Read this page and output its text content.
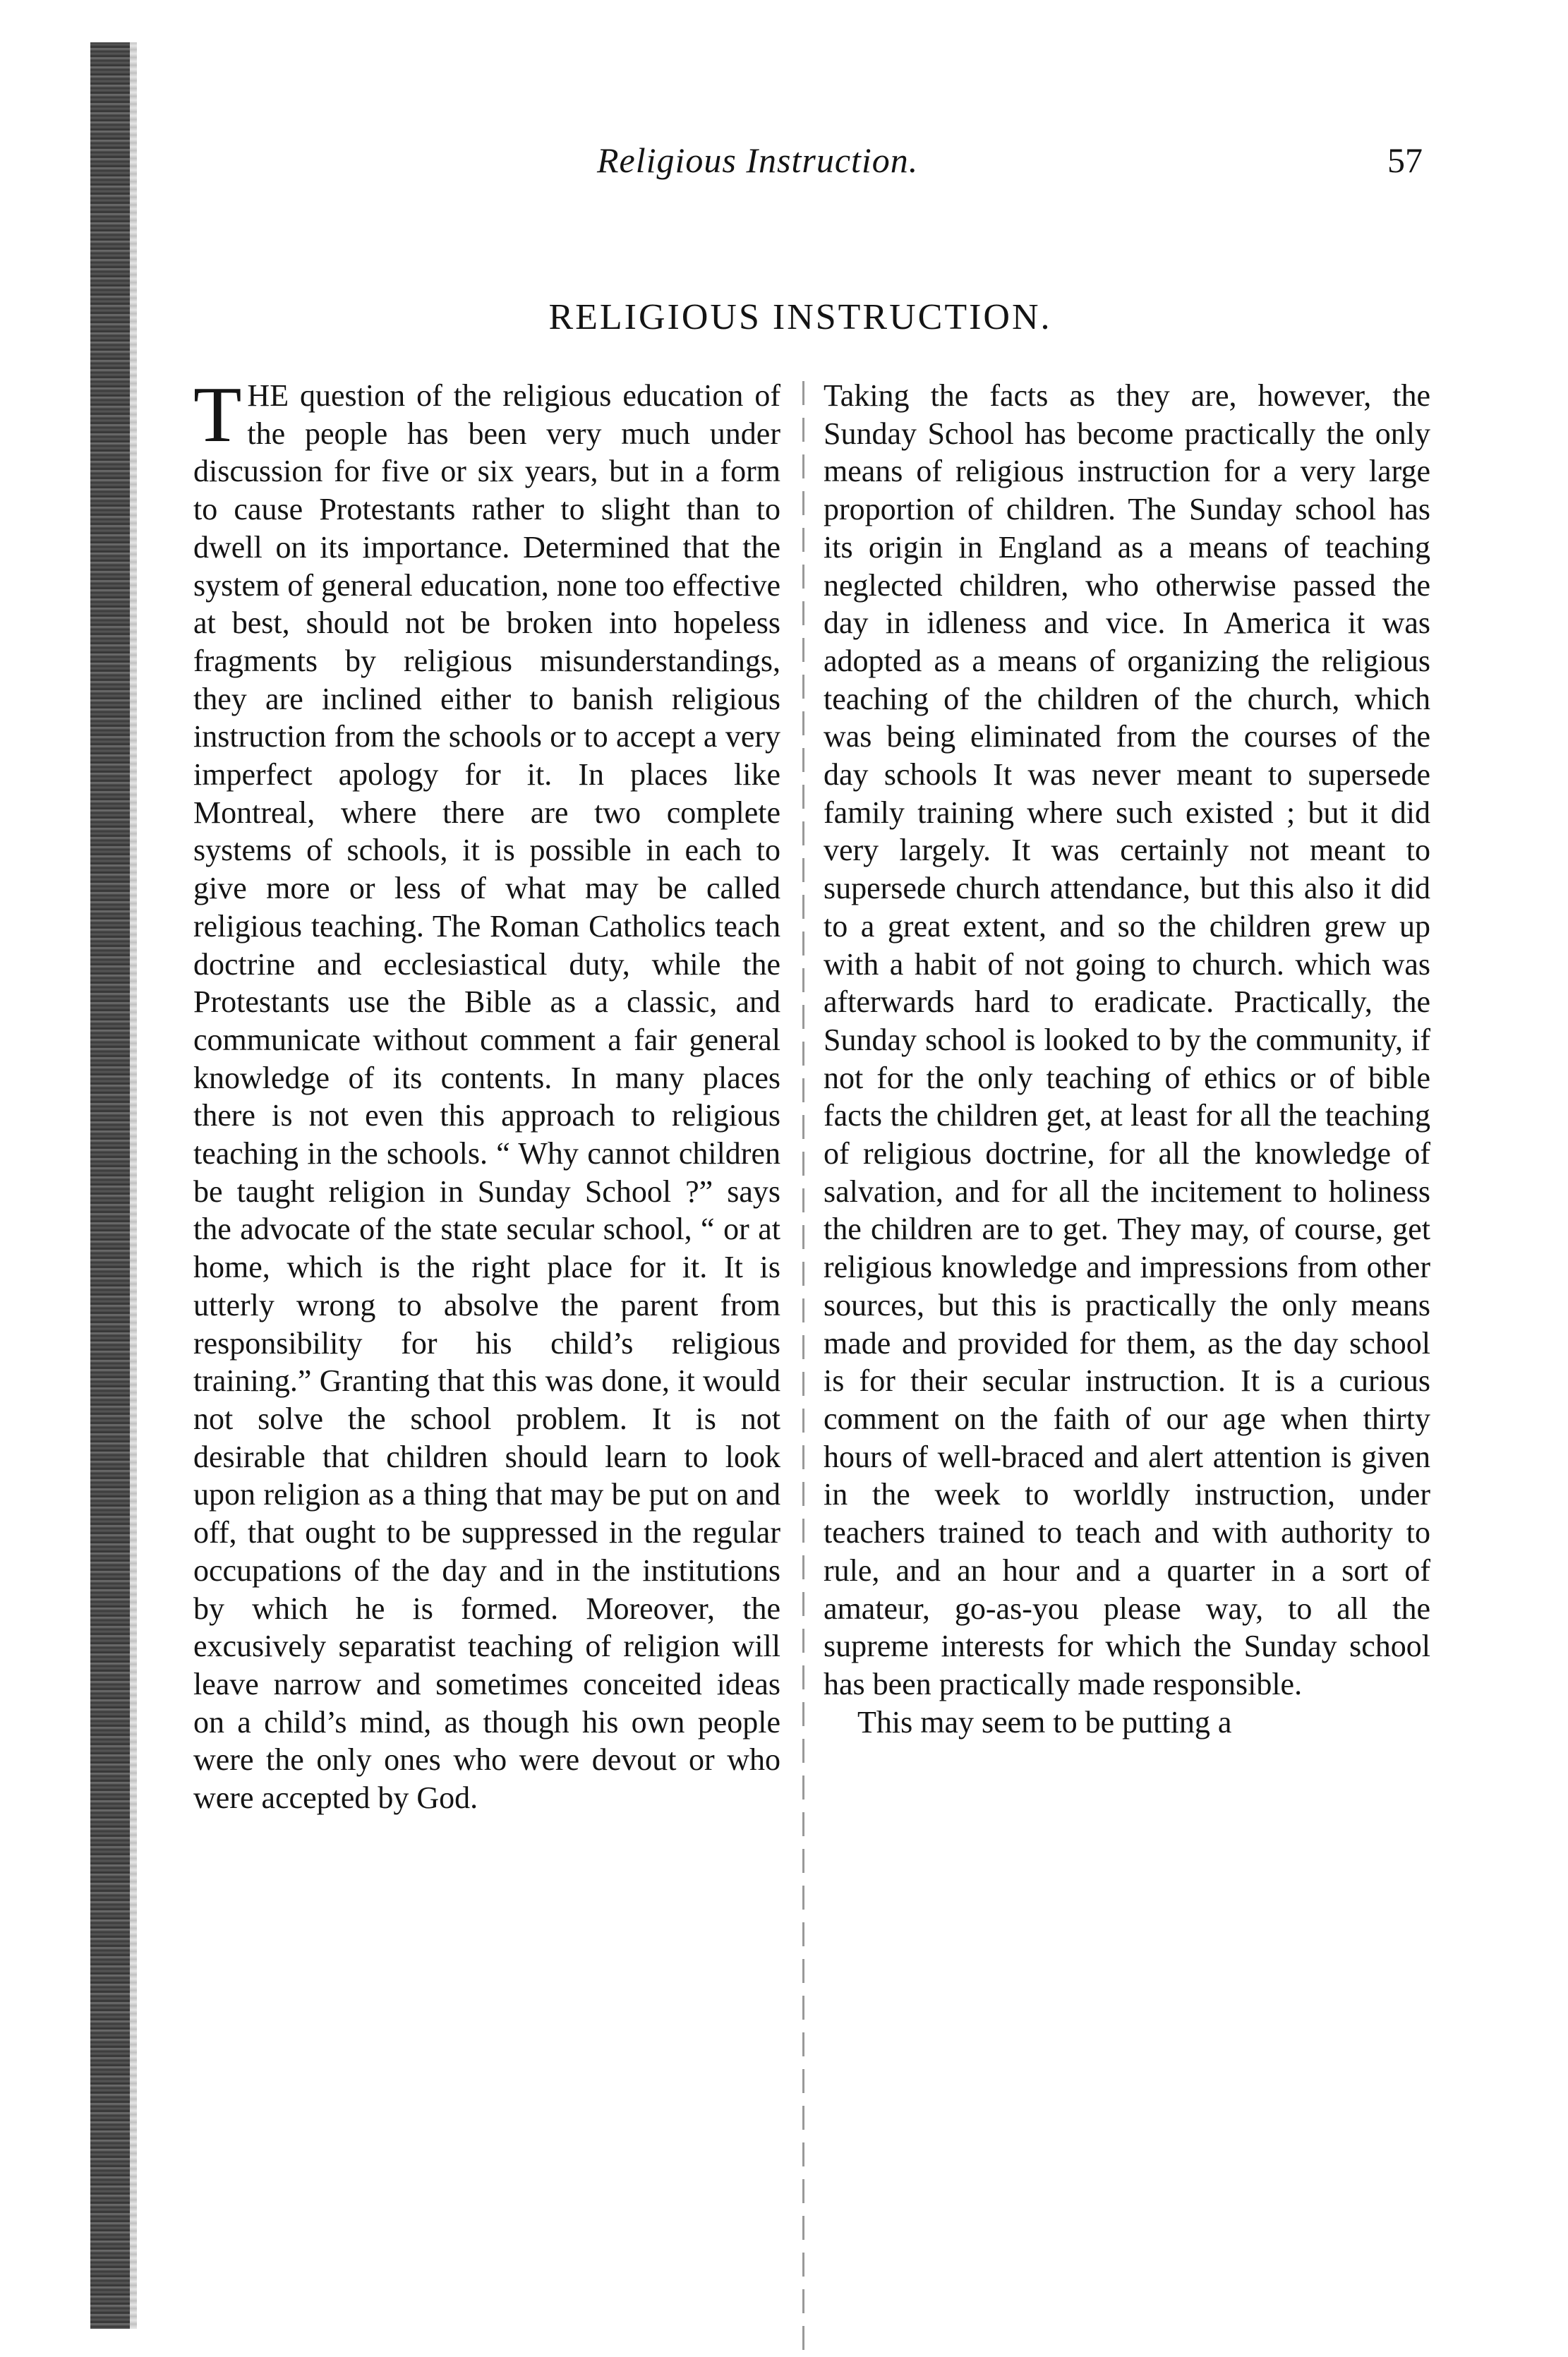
Religious Instruction.	57
RELIGIOUS INSTRUCTION.

THE question of the religious education of the people has been very much under discussion for five or six years, but in a form to cause Protestants rather to slight than to dwell on its importance. Determined that the system of general education, none too effective at best, should not be broken into hopeless fragments by religious misunderstandings, they are inclined either to banish religious instruction from the schools or to accept a very imperfect apology for it. In places like Montreal, where there are two complete systems of schools, it is possible in each to give more or less of what may be called religious teaching. The Roman Catholics teach doctrine and ecclesiastical duty, while the Protestants use the Bible as a classic, and communicate without comment a fair general knowledge of its contents. In many places there is not even this approach to religious teaching in the schools. “ Why cannot children be taught religion in Sunday School ?” says the advocate of the state secular school, “ or at home, which is the right place for it. It is utterly wrong to absolve the parent from responsibility for his child’s religious training.” Granting that this was done, it would not solve the school problem. It is not desirable that children should learn to look upon religion as a thing that may be put on and off, that ought to be suppressed in the regular occupations of the day and in the institutions by which he is formed. Moreover, the excusively separatist teaching of religion will leave narrow and sometimes conceited ideas on a child’s mind, as though his own people were the only ones who were devout or who were accepted by God.

Taking the facts as they are, however, the Sunday School has become practically the only means of religious instruction for a very large proportion of children. The Sunday school has its origin in England as a means of teaching neglected children, who otherwise passed the day in idleness and vice. In America it was adopted as a means of organizing the religious teaching of the children of the church, which was being eliminated from the courses of the day schools It was never meant to supersede family training where such existed ; but it did very largely. It was certainly not meant to supersede church attendance, but this also it did to a great extent, and so the children grew up with a habit of not going to church. which was afterwards hard to eradicate. Practically, the Sunday school is looked to by the community, if not for the only teaching of ethics or of bible facts the children get, at least for all the teaching of religious doctrine, for all the knowledge of salvation, and for all the incitement to holiness the children are to get. They may, of course, get religious knowledge and impressions from other sources, but this is practically the only means made and provided for them, as the day school is for their secular instruction. It is a curious comment on the faith of our age when thirty hours of well-braced and alert attention is given in the week to worldly instruction, under teachers trained to teach and with authority to rule, and an hour and a quarter in a sort of amateur, go-as-you please way, to all the supreme interests for which the Sunday school has been practically made responsible.

This may seem to be putting a
